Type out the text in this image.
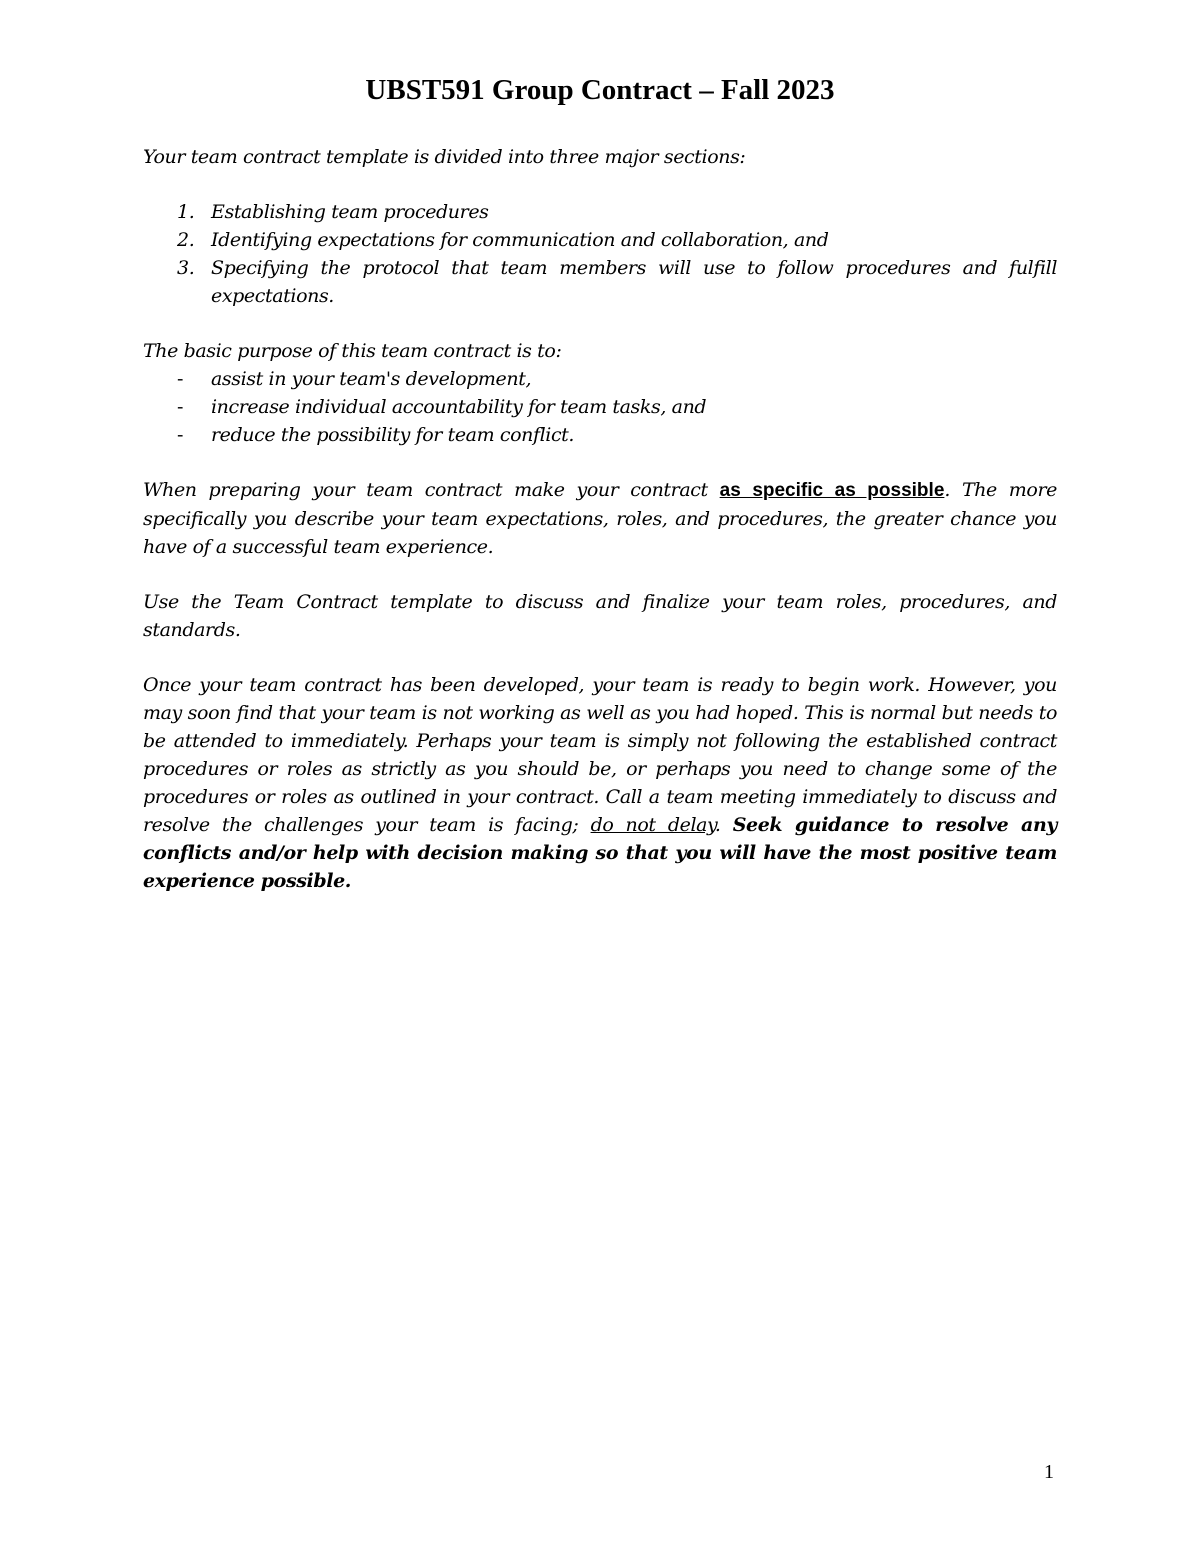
UBST591 Group Contract – Fall 2023

Your team contract template is divided into three major sections:

1. Establishing team procedures
2. Identifying expectations for communication and collaboration, and
3. Specifying the protocol that team members will use to follow procedures and fulfill expectations.

The basic purpose of this team contract is to:

- assist in your team's development,
- increase individual accountability for team tasks, and
- reduce the possibility for team conflict.

When preparing your team contract make your contract as specific as possible. The more specifically you describe your team expectations, roles, and procedures, the greater chance you have of a successful team experience.

Use the Team Contract template to discuss and finalize your team roles, procedures, and standards.

Once your team contract has been developed, your team is ready to begin work. However, you may soon find that your team is not working as well as you had hoped. This is normal but needs to be attended to immediately. Perhaps your team is simply not following the established contract procedures or roles as strictly as you should be, or perhaps you need to change some of the procedures or roles as outlined in your contract. Call a team meeting immediately to discuss and resolve the challenges your team is facing; do not delay. Seek guidance to resolve any conflicts and/or help with decision making so that you will have the most positive team experience possible.

1
